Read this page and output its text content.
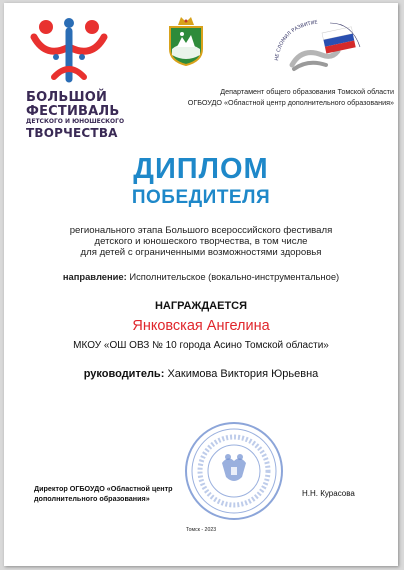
БОЛЬШОЙ
ФЕСТИВАЛЬ
ДЕТСКОГО И ЮНОШЕСКОГО
ТВОРЧЕСТВА
НЕ СЛОМИЛ РАЗВИТИЕ
Департамент общего образования Томской области
ОГБОУДО «Областной центр дополнительного образования»
ДИПЛОМ
ПОБЕДИТЕЛЯ
регионального этапа Большого всероссийского фестиваля
детского и юношеского творчества, в том числе
для детей с ограниченными возможностями здоровья
направление: Исполнительское (вокально-инструментальное)
НАГРАЖДАЕТСЯ
Янковская Ангелина
МКОУ «ОШ ОВЗ № 10 города Асино Томской области»
руководитель: Хакимова Виктория Юрьевна
Директор ОГБОУДО «Областной центр
дополнительного образования»	Н.Н. Курасова
Томск - 2023
